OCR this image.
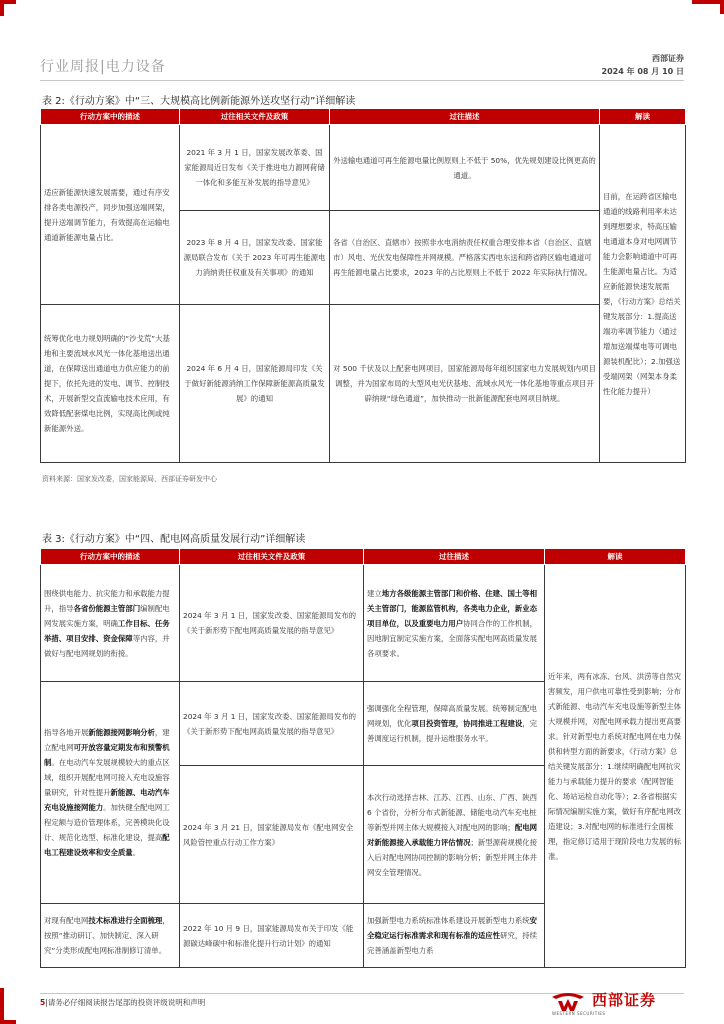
行业周报|电力设备
西部证券
2024 年 08 月 10 日
表 2:《行动方案》中“三、大规模高比例新能源外送攻坚行动”详细解读
行动方案中的描述	过往相关文件及政策	过往描述	解读
适应新能源快速发展需要，通过有序安排各类电源投产，同步加强送端网架，提升送端调节能力，有效提高在运输电通道新能源电量占比。	2021 年 3 月 1 日，国家发展改革委、国家能源局近日发布《关于推进电力源网荷储一体化和多能互补发展的指导意见》	外送输电通道可再生能源电量比例原则上不低于 50%，优先规划建设比例更高的通道。	目前，在运跨省区输电通道的线路利用率未达到理想要求，特高压输电通道本身对电网调节能力会影响通道中可再生能源电量占比。为适应新能源快速发展需要，《行动方案》总结关键发展部分：1.提高送端功率调节能力（通过增加送端煤电等可调电源装机配比）；2.加强送受端网架（网架本身柔性化能力提升）
	2023 年 8 月 4 日，国家发改委、国家能源局联合发布《关于 2023 年可再生能源电力消纳责任权重及有关事项》的通知	各省（自治区、直辖市）按照非水电消纳责任权重合理安排本省（自治区、直辖市）风电、光伏发电保障性并网规模。严格落实西电东送和跨省跨区输电通道可再生能源电量占比要求，2023 年的占比原则上不低于 2022 年实际执行情况。	
统筹优化电力规划明确的“沙戈荒”大基地和主要流域水风光一体化基地送出通道，在保障送出通道电力供应能力的前提下，依托先进的发电、调节、控制技术，开展新型交直流输电技术应用，有效降低配套煤电比例，实现高比例或纯新能源外送。	2024 年 6 月 4 日，国家能源局印发《关于做好新能源消纳工作保障新能源高质量发展》的通知	对 500 千伏及以上配套电网项目，国家能源局每年组织国家电力发展规划内项目调整，并为国家布局的大型风电光伏基地、流域水风光一体化基地等重点项目开辟纳规“绿色通道”，加快推动一批新能源配套电网项目纳规。	
资料来源：国家发改委，国家能源局，西部证券研发中心
表 3:《行动方案》中“四、配电网高质量发展行动”详细解读
行动方案中的描述	过往相关文件及政策	过往描述	解读
围绕供电能力、抗灾能力和承载能力提升，指导各省份能源主管部门编制配电网发展实施方案，明确工作目标、任务举措、项目安排、资金保障等内容，并做好与配电网规划的衔接。	2024 年 3 月 1 日，国家发改委、国家能源局发布的《关于新形势下配电网高质量发展的指导意见》	建立地方各级能源主管部门和价格、住建、国土等相关主管部门，能源监管机构，各类电力企业，新业态项目单位，以及重要电力用户协同合作的工作机制，因地制宜制定实施方案，全面落实配电网高质量发展各项要求。	近年来，两有冰冻、台风、洪涝等自然灾害频发，用户供电可靠性受到影响；分布式新能源、电动汽车充电设施等新型主体大规模并网，对配电网承载力提出更高要求。针对新型电力系统对配电网在电力保供和转型方面的新要求，《行动方案》总结关键发展部分：1.继续明确配电网抗灾能力与承载能力提升的要求（配网智能化、场站运检自动化等）；2.各省根据实际情况编制实施方案，做好有序配电网改造建设；3.对配电网的标准进行全面梳理，指定修订适用于现阶段电力发展的标准。
指导各地开展新能源接网影响分析，建立配电网可开放容量定期发布和预警机制。在电动汽车发展规模较大的重点区域，组织开展配电网可接入充电设施容量研究，针对性提升新能源、电动汽车充电设施接网能力。加快健全配电网工程定额与造价管理体系，完善模块化设计、规范化选型、标准化建设，提高配电工程建设效率和安全质量。	2024 年 3 月 1 日，国家发改委、国家能源局发布的《关于新形势下配电网高质量发展的指导意见》	强调强化全程管理，保障高质量发展。统筹制定配电网规划，优化项目投资管理，协同推进工程建设，完善调度运行机制，提升运维服务水平。	
	2024 年 3 月 21 日，国家能源局发布《配电网安全风险管控重点行动工作方案》	本次行动选择吉林、江苏、江西、山东、广西、陕西 6 个省份，分析分布式新能源、储能电动汽车充电桩等新型并网主体大规模接入对配电网的影响；配电网对新能源接入承载能力评估情况；新型源荷规模化接入后对配电网协同控制的影响分析；新型并网主体并网安全管理情况。	
对现有配电网技术标准进行全面梳理，按照“推动研订、加快制定、深入研究”分类形成配电网标准制修订清单。	2022 年 10 月 9 日，国家能源局发布关于印发《能源碳达峰碳中和标准化提升行动计划》的通知	加强新型电力系统标准体系建设开展新型电力系统安全稳定运行标准需求和现有标准的适应性研究，持续完善涵盖新型电力系	
5|请务必仔细阅读报告尾部的投资评级说明和声明	西部证券
WESTERN SECURITIES
